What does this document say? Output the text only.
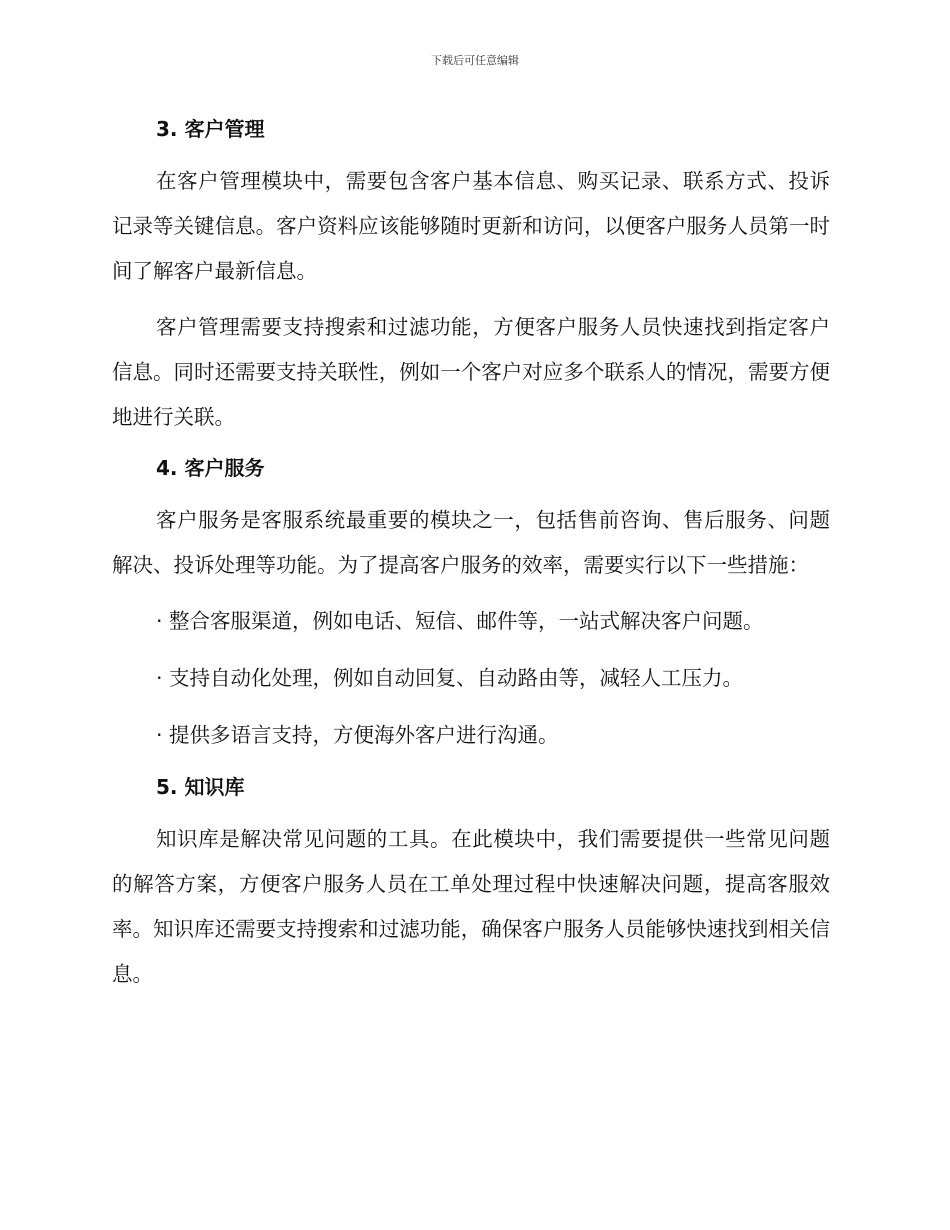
下载后可任意编辑
3. 客户管理

在客户管理模块中，需要包含客户基本信息、购买记录、联系方式、投诉记录等关键信息。客户资料应该能够随时更新和访问，以便客户服务人员第一时间了解客户最新信息。

客户管理需要支持搜索和过滤功能，方便客户服务人员快速找到指定客户信息。同时还需要支持关联性，例如一个客户对应多个联系人的情况，需要方便地进行关联。

4. 客户服务

客户服务是客服系统最重要的模块之一，包括售前咨询、售后服务、问题解决、投诉处理等功能。为了提高客户服务的效率，需要实行以下一些措施：

· 整合客服渠道，例如电话、短信、邮件等，一站式解决客户问题。
· 支持自动化处理，例如自动回复、自动路由等，减轻人工压力。
· 提供多语言支持，方便海外客户进行沟通。
5. 知识库

知识库是解决常见问题的工具。在此模块中，我们需要提供一些常见问题的解答方案，方便客户服务人员在工单处理过程中快速解决问题，提高客服效率。知识库还需要支持搜索和过滤功能，确保客户服务人员能够快速找到相关信息。
